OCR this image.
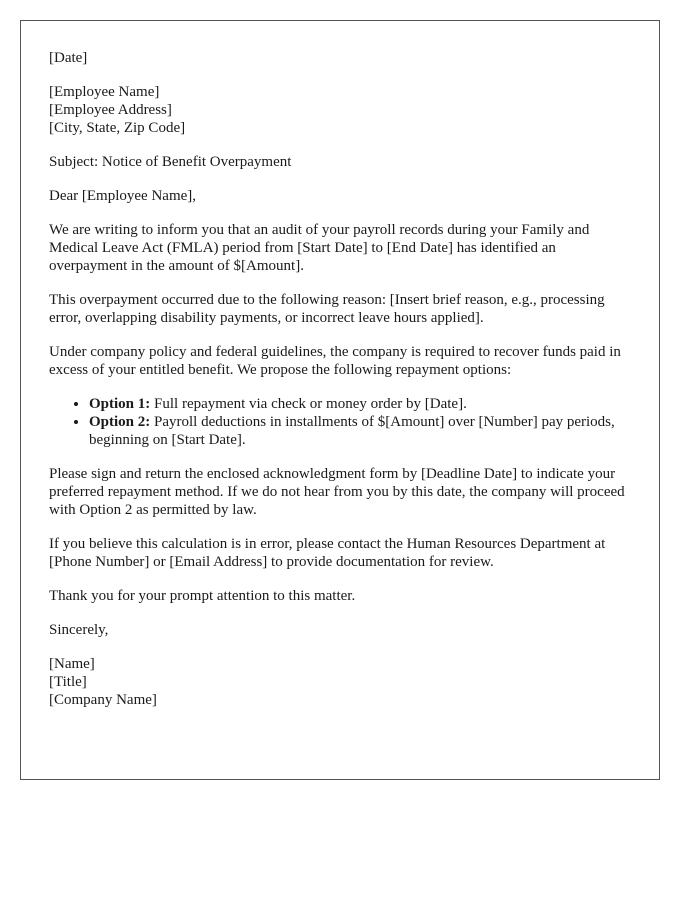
[Date]

[Employee Name]
[Employee Address]
[City, State, Zip Code]

Subject: Notice of Benefit Overpayment

Dear [Employee Name],

We are writing to inform you that an audit of your payroll records during your Family and Medical Leave Act (FMLA) period from [Start Date] to [End Date] has identified an overpayment in the amount of $[Amount].

This overpayment occurred due to the following reason: [Insert brief reason, e.g., processing error, overlapping disability payments, or incorrect leave hours applied].

Under company policy and federal guidelines, the company is required to recover funds paid in excess of your entitled benefit. We propose the following repayment options:

• Option 1: Full repayment via check or money order by [Date].
• Option 2: Payroll deductions in installments of $[Amount] over [Number] pay periods, beginning on [Start Date].

Please sign and return the enclosed acknowledgment form by [Deadline Date] to indicate your preferred repayment method. If we do not hear from you by this date, the company will proceed with Option 2 as permitted by law.

If you believe this calculation is in error, please contact the Human Resources Department at [Phone Number] or [Email Address] to provide documentation for review.

Thank you for your prompt attention to this matter.

Sincerely,

[Name]
[Title]
[Company Name]
